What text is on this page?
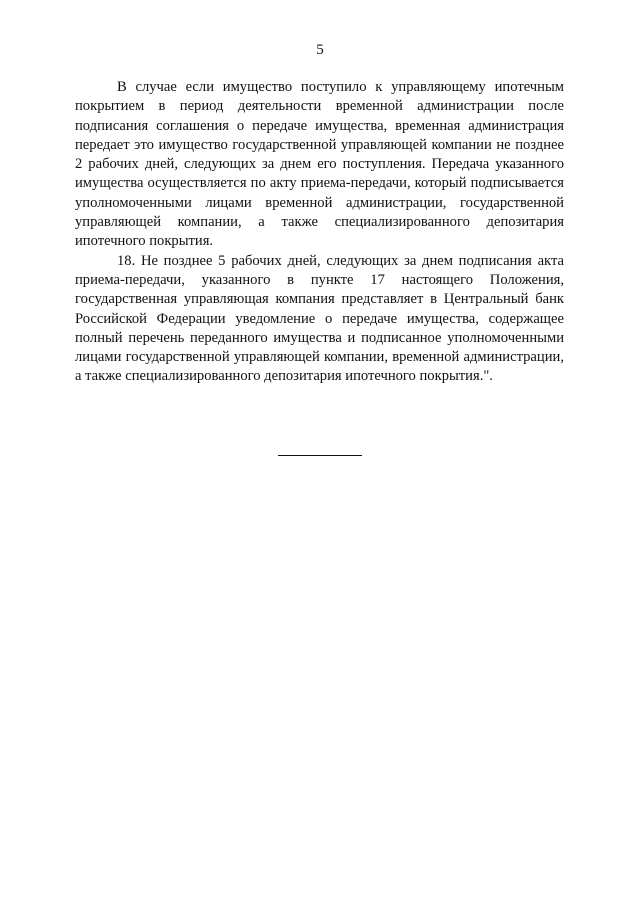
5

В случае если имущество поступило к управляющему ипотечным покрытием в период деятельности временной администрации после подписания соглашения о передаче имущества, временная администрация передает это имущество государственной управляющей компании не позднее 2 рабочих дней, следующих за днем его поступления. Передача указанного имущества осуществляется по акту приема-передачи, который подписывается уполномоченными лицами временной администрации, государственной управляющей компании, а также специализированного депозитария ипотечного покрытия.

18. Не позднее 5 рабочих дней, следующих за днем подписания акта приема-передачи, указанного в пункте 17 настоящего Положения, государственная управляющая компания представляет в Центральный банк Российской Федерации уведомление о передаче имущества, содержащее полный перечень переданного имущества и подписанное уполномоченными лицами государственной управляющей компании, временной администрации, а также специализированного депозитария ипотечного покрытия.".
